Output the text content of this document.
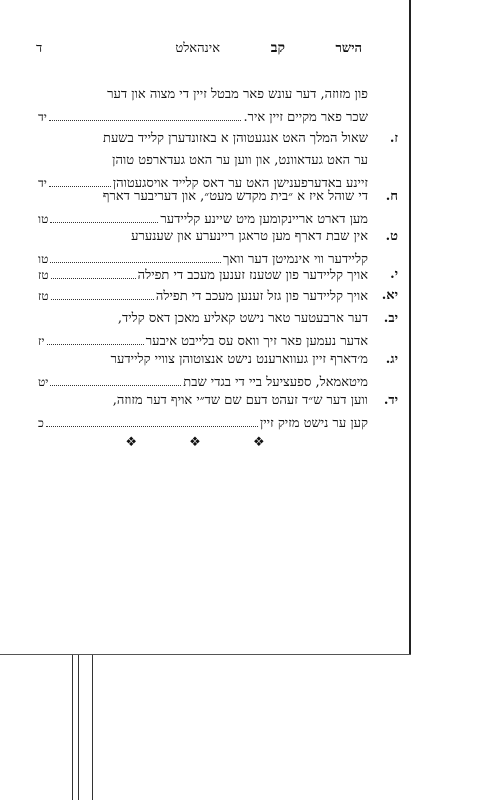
הישר
קב
אינהאלט
ד
פון מזוזה, דער עונש פאר מבטל זיין די מצוה און דער
שכר פאר מקיים זיין איר.
יד
ז.
שאול המלך האט אנגעטוהן א באזונדערן קלייד בשעת
ער האט געדאוונט, און ווען ער האט געדארפט טוהן
זיינע באדערפענישן האט ער דאס קלייד אויסגעטוהן
יד
ח.
די שוהל איז א ״בית מקדש מעט״, און דעריבער דארף
מען דארט אריינקומען מיט שיינע קליידער
טו
ט.
אין שבת דארף מען טראגן ריינערע און שענערע
קליידער ווי אינמיטן דער וואך
טו
י.
אויך קליידער פון שטענז זענען מעכב די תפילה
טז
יא.
אויך קליידער פון גזל זענען מעכב די תפילה
טז
יב.
דער ארבעטער טאר נישט קאליע מאכן דאס קליד,
אדער נעמען פאר זיך וואס עס בלייבט איבער
יז
יג.
מ׳דארף זיין געווארענט נישט אנצוטוהן צוויי קליידער
מיטאמאל, ספעציעל ביי די בגדי שבת
יט
יד.
ווען דער ש״ד זעהט דעם שם שד״י אויף דער מזוזה,
קען ער נישט מזיק זיין
כ
❖	❖	❖
